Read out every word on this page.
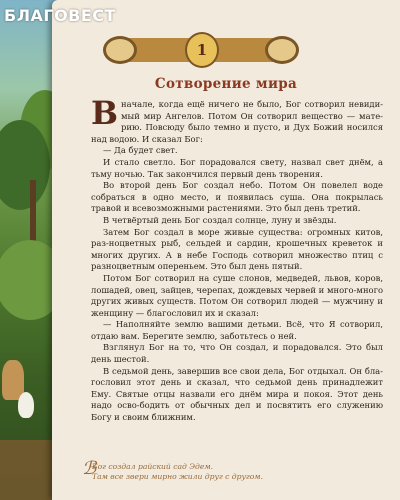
БЛАГОВЕСТ
1
Сотворение мира

Вначале, когда ещё ничего не было, Бог сотворил невиди-мый мир Ангелов. Потом Он сотворил вещество — мате-рию. Повсюду было темно и пусто, и Дух Божий носился над водою. И сказал Бог:

— Да будет свет.

И стало светло. Бог порадовался свету, назвал свет днём, а тьму ночью. Так закончился первый день творения.

Во второй день Бог создал небо. Потом Он повелел водe собраться в одно место, и появилась суша. Она покрылась травой и всевозможными растениями. Это был день третий.

В четвёртый день Бог создал солнце, луну и звёзды.

Затем Бог создал в море живые существа: огромных китов, раз-ноцветных рыб, сельдей и сардин, крошечных креветок и многих других. А в небе Господь сотворил множество птиц с разноцветным опереньем. Это был день пятый.

Потом Бог сотворил на суше слонов, медведей, львов, коров, лошадей, овец, зайцев, черепах, дождевых червей и много-много других живых существ. Потом Он сотворил людей — мужчину и женщину — благословил их и сказал:

— Наполняйте землю вашими детьми. Всё, что Я сотворил, отдаю вам. Берегите землю, заботьтесь о ней.

Взглянул Бог на то, что Он создал, и порадовался. Это был день шестой.

В седьмой день, завершив все свои дела, Бог отдыхал. Он бла-гословил этот день и сказал, что седьмой день принадлежит Ему. Святые отцы назвали его днём мира и покоя. Этот день надо осво-бодить от обычных дел и посвятить его служению Богу и своим ближним.

ℬ
Бог создал райский сад Эдем.
Там все звери мирно жили друг с другом.
